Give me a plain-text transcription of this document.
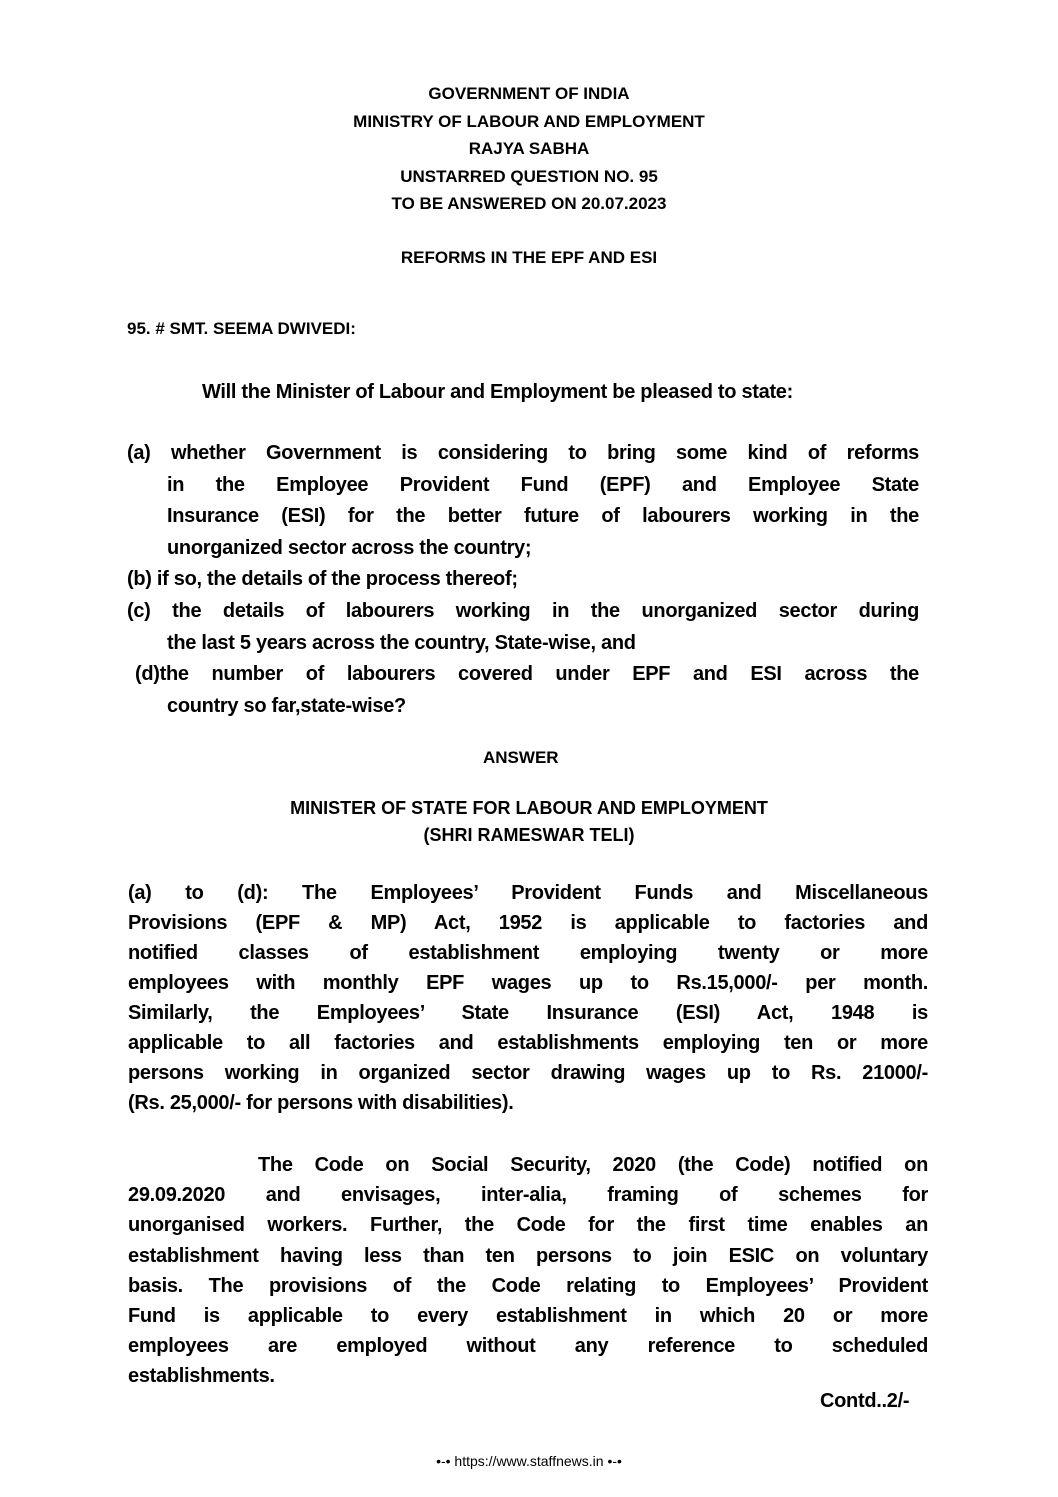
GOVERNMENT OF INDIA
MINISTRY OF LABOUR AND EMPLOYMENT
RAJYA SABHA
UNSTARRED QUESTION NO. 95
TO BE ANSWERED ON 20.07.2023
REFORMS IN THE EPF AND ESI
95. # SMT. SEEMA DWIVEDI:
Will the Minister of Labour and Employment be pleased to state:
(a) whether Government is considering to bring some kind of reforms
in the Employee Provident Fund (EPF) and Employee State
Insurance (ESI) for the better future of labourers working in the
unorganized sector across the country;
(b) if so, the details of the process thereof;
(c) the details of labourers working in the unorganized sector during
the last 5 years across the country, State-wise, and
(d)the number of labourers covered under EPF and ESI across the
country so far,state-wise?
ANSWER
MINISTER OF STATE FOR LABOUR AND EMPLOYMENT
(SHRI RAMESWAR TELI)
(a) to (d): The Employees’ Provident Funds and Miscellaneous
Provisions (EPF & MP) Act, 1952 is applicable to factories and
notified classes of establishment employing twenty or more
employees with monthly EPF wages up to Rs.15,000/- per month.
Similarly, the Employees’ State Insurance (ESI) Act, 1948 is
applicable to all factories and establishments employing ten or more
persons working in organized sector drawing wages up to Rs. 21000/-
(Rs. 25,000/- for persons with disabilities).
The Code on Social Security, 2020 (the Code) notified on
29.09.2020 and envisages, inter-alia, framing of schemes for
unorganised workers. Further, the Code for the first time enables an
establishment having less than ten persons to join ESIC on voluntary
basis. The provisions of the Code relating to Employees’ Provident
Fund is applicable to every establishment in which 20 or more
employees are employed without any reference to scheduled
establishments.
Contd..2/-
•-• https://www.staffnews.in •-•
